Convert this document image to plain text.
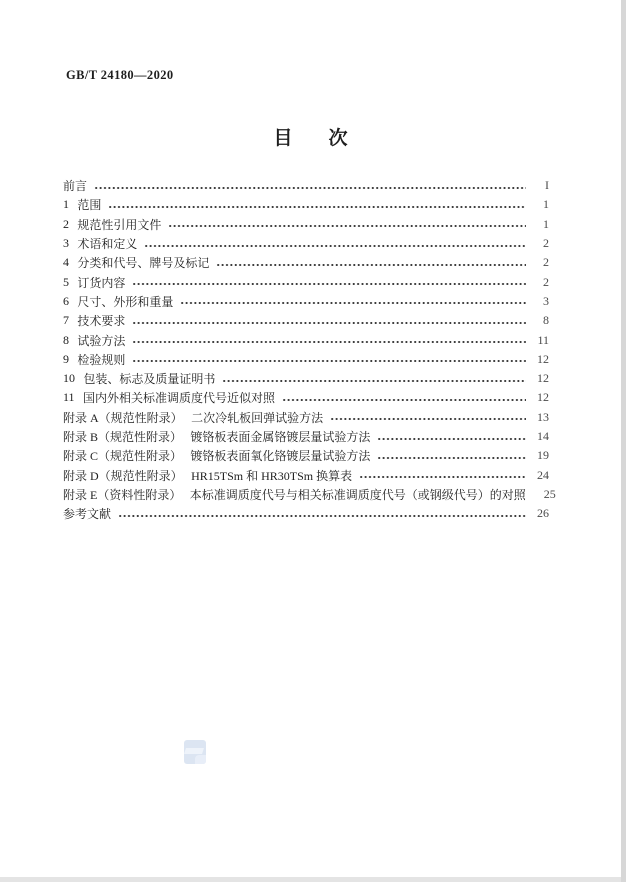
GB/T 24180—2020
目次
前言	I
1 范围	1
2 规范性引用文件	1
3 术语和定义	2
4 分类和代号、牌号及标记	2
5 订货内容	2
6 尺寸、外形和重量	3
7 技术要求	8
8 试验方法	11
9 检验规则	12
10 包装、标志及质量证明书	12
11 国内外相关标准调质度代号近似对照	12
附录 A（规范性附录） 二次冷轧板回弹试验方法	13
附录 B（规范性附录） 镀铬板表面金属铬镀层量试验方法	14
附录 C（规范性附录） 镀铬板表面氧化铬镀层量试验方法	19
附录 D（规范性附录） HR15TSm 和 HR30TSm 换算表	24
附录 E（资料性附录） 本标准调质度代号与相关标准调质度代号（或钢级代号）的对照	25
参考文献	26
